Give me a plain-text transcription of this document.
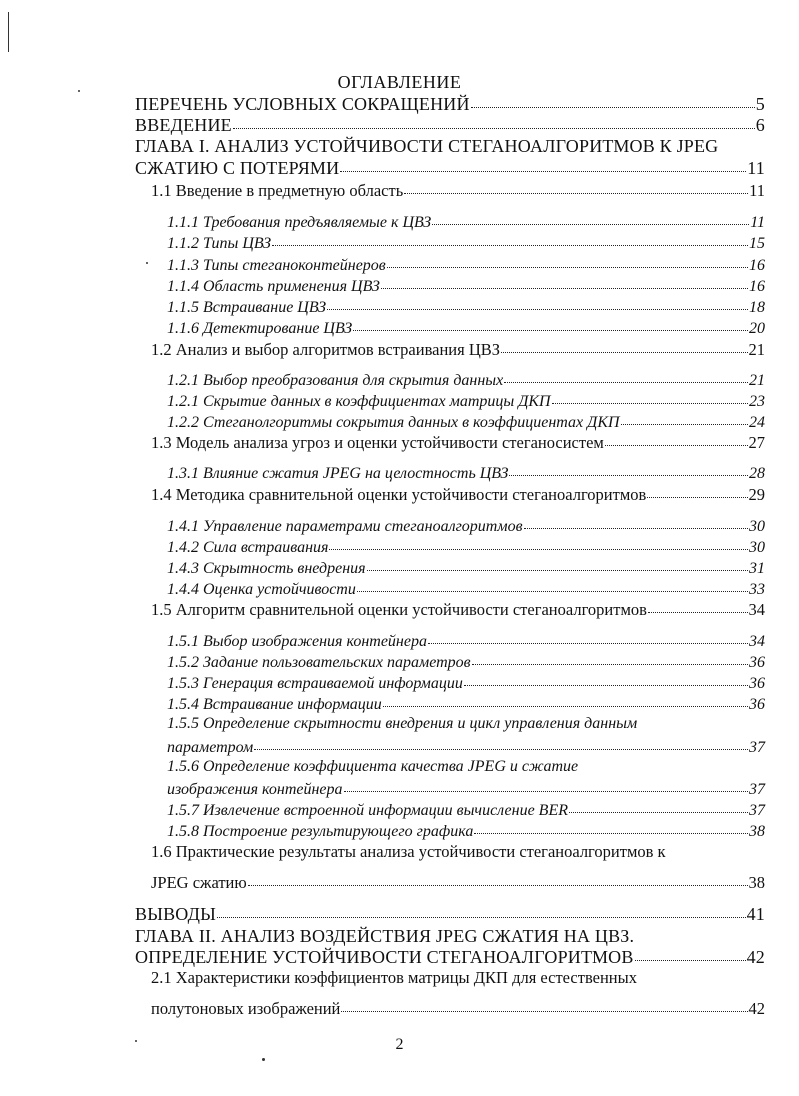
ОГЛАВЛЕНИЕ
ПЕРЕЧЕНЬ УСЛОВНЫХ СОКРАЩЕНИЙ	5
ВВЕДЕНИЕ	6
ГЛАВА I. АНАЛИЗ УСТОЙЧИВОСТИ СТЕГАНОАЛГОРИТМОВ К JPEG
СЖАТИЮ С ПОТЕРЯМИ	11
1.1 Введение в предметную область	11
1.1.1 Требования предъявляемые к ЦВЗ	11
1.1.2 Типы ЦВЗ	15
1.1.3 Типы стеганоконтейнеров	16
1.1.4 Область применения ЦВЗ	16
1.1.5 Встраивание ЦВЗ	18
1.1.6 Детектирование ЦВЗ	20
1.2 Анализ и выбор алгоритмов встраивания ЦВЗ	21
1.2.1 Выбор преобразования для скрытия данных	21
1.2.1 Скрытие данных в коэффициентах матрицы ДКП	23
1.2.2 Стеганолгоритмы сокрытия данных в коэффициентах ДКП	24
1.3 Модель анализа угроз и оценки устойчивости стеганосистем	27
1.3.1 Влияние сжатия JPEG на целостность ЦВЗ	28
1.4 Методика сравнительной оценки устойчивости стеганоалгоритмов	29
1.4.1 Управление параметрами стеганоалгоритмов	30
1.4.2 Сила встраивания	30
1.4.3 Скрытность внедрения	31
1.4.4 Оценка устойчивости	33
1.5 Алгоритм сравнительной оценки устойчивости стеганоалгоритмов	34
1.5.1 Выбор изображения контейнера	34
1.5.2 Задание пользовательских параметров	36
1.5.3 Генерация встраиваемой информации	36
1.5.4 Встраивание информации	36
1.5.5 Определение скрытности внедрения и цикл управления данным
параметром	37
1.5.6 Определение коэффициента качества JPEG и сжатие
изображения контейнера	37
1.5.7 Извлечение встроенной информации вычисление BER	37
1.5.8 Построение результирующего графика	38
1.6 Практические результаты анализа устойчивости стеганоалгоритмов к
JPEG сжатию	38
ВЫВОДЫ	41
ГЛАВА II. АНАЛИЗ ВОЗДЕЙСТВИЯ JPEG СЖАТИЯ НА ЦВЗ.
ОПРЕДЕЛЕНИЕ УСТОЙЧИВОСТИ СТЕГАНОАЛГОРИТМОВ	42
2.1 Характеристики коэффициентов матрицы ДКП для естественных
полутоновых изображений	42
2
